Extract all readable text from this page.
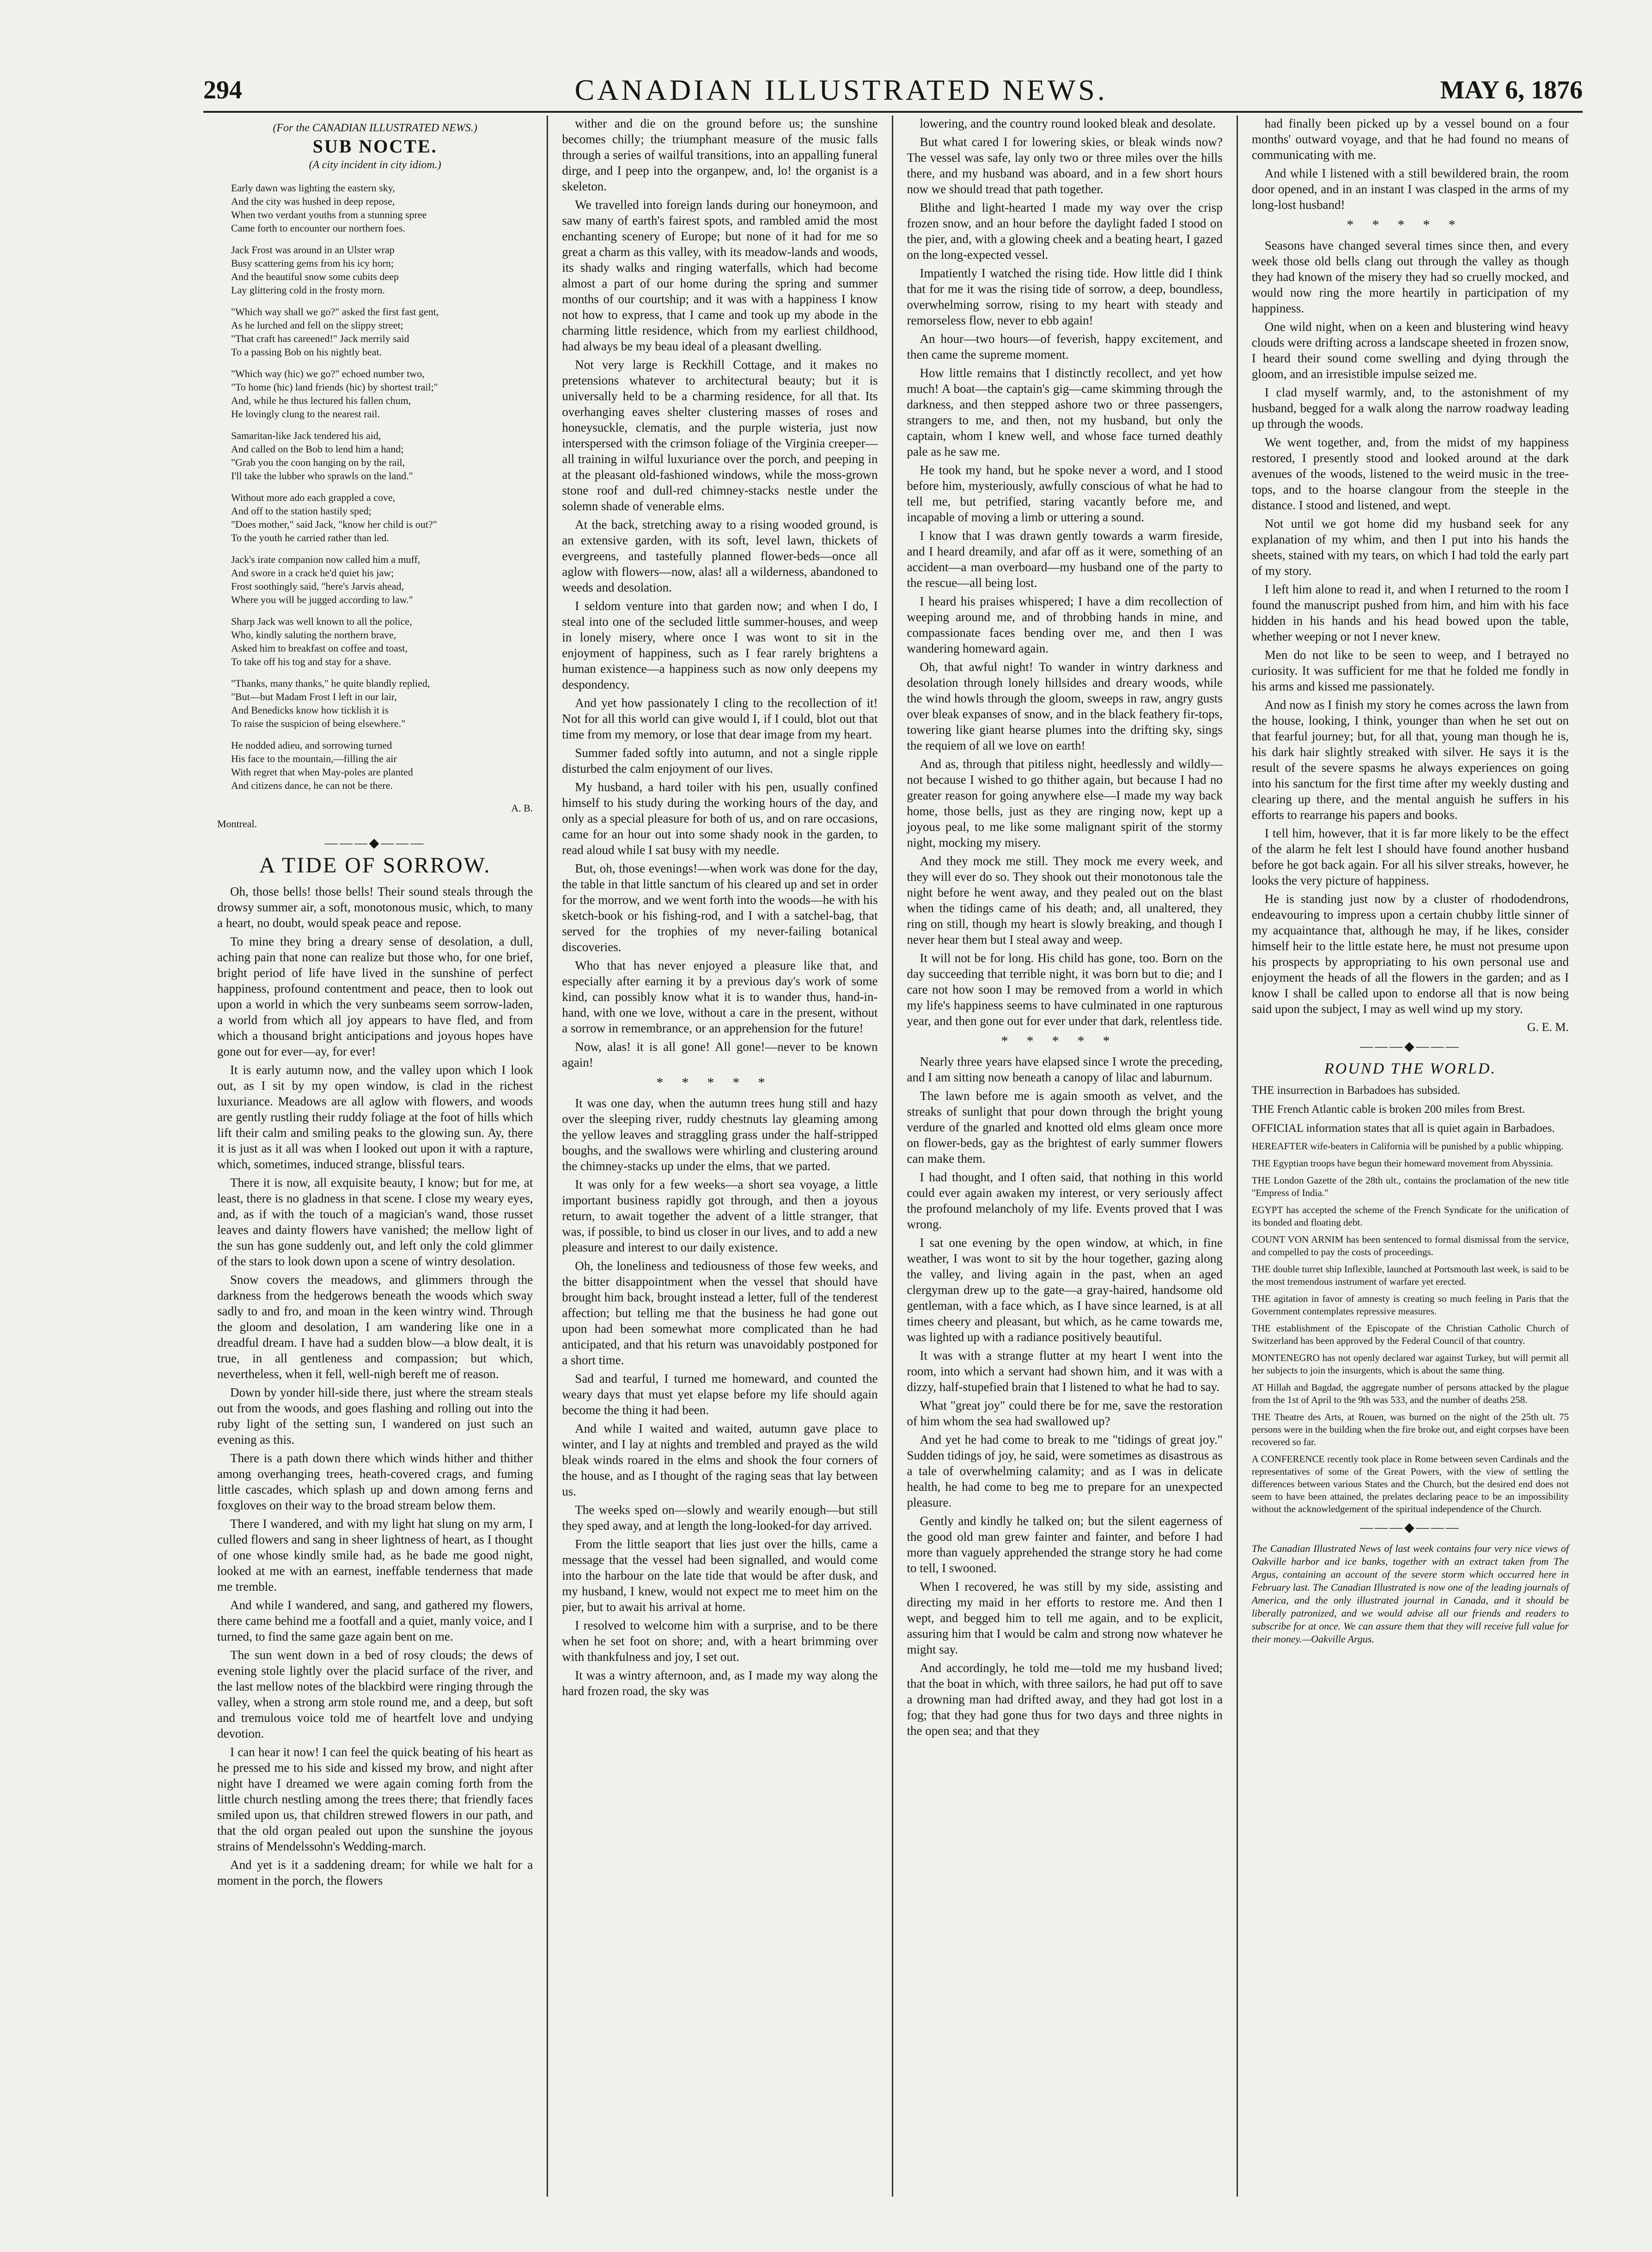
294	CANADIAN ILLUSTRATED NEWS.	MAY 6, 1876
(For the CANADIAN ILLUSTRATED NEWS.)
SUB NOCTE.
(A city incident in city idiom.)
Early dawn was lighting the eastern sky,
And the city was hushed in deep repose,
When two verdant youths from a stunning spree
Came forth to encounter our northern foes.
Jack Frost was around in an Ulster wrap
Busy scattering gems from his icy horn;
And the beautiful snow some cubits deep
Lay glittering cold in the frosty morn.
"Which way shall we go?" asked the first fast gent,
As he lurched and fell on the slippy street;
"That craft has careened!" Jack merrily said
To a passing Bob on his nightly beat.
"Which way (hic) we go?" echoed number two,
"To home (hic) land friends (hic) by shortest trail;"
And, while he thus lectured his fallen chum,
He lovingly clung to the nearest rail.
Samaritan-like Jack tendered his aid,
And called on the Bob to lend him a hand;
"Grab you the coon hanging on by the rail,
I'll take the lubber who sprawls on the land."
Without more ado each grappled a cove,
And off to the station hastily sped;
"Does mother," said Jack, "know her child is out?"
To the youth he carried rather than led.
Jack's irate companion now called him a muff,
And swore in a crack he'd quiet his jaw;
Frost soothingly said, "here's Jarvis ahead,
Where you will be jugged according to law."
Sharp Jack was well known to all the police,
Who, kindly saluting the northern brave,
Asked him to breakfast on coffee and toast,
To take off his tog and stay for a shave.
"Thanks, many thanks," he quite blandly replied,
"But—but Madam Frost I left in our lair,
And Benedicks know how ticklish it is
To raise the suspicion of being elsewhere."
He nodded adieu, and sorrowing turned
His face to the mountain,—filling the air
With regret that when May-poles are planted
And citizens dance, he can not be there.
A. B.
Montreal.
———◆———
A TIDE OF SORROW.

Oh, those bells! those bells! Their sound steals through the drowsy summer air, a soft, monotonous music, which, to many a heart, no doubt, would speak peace and repose.

To mine they bring a dreary sense of desolation, a dull, aching pain that none can realize but those who, for one brief, bright period of life have lived in the sunshine of perfect happiness, profound contentment and peace, then to look out upon a world in which the very sunbeams seem sorrow-laden, a world from which all joy appears to have fled, and from which a thousand bright anticipations and joyous hopes have gone out for ever—ay, for ever!

It is early autumn now, and the valley upon which I look out, as I sit by my open window, is clad in the richest luxuriance. Meadows are all aglow with flowers, and woods are gently rustling their ruddy foliage at the foot of hills which lift their calm and smiling peaks to the glowing sun. Ay, there it is just as it all was when I looked out upon it with a rapture, which, sometimes, induced strange, blissful tears.

There it is now, all exquisite beauty, I know; but for me, at least, there is no gladness in that scene. I close my weary eyes, and, as if with the touch of a magician's wand, those russet leaves and dainty flowers have vanished; the mellow light of the sun has gone suddenly out, and left only the cold glimmer of the stars to look down upon a scene of wintry desolation.

Snow covers the meadows, and glimmers through the darkness from the hedgerows beneath the woods which sway sadly to and fro, and moan in the keen wintry wind. Through the gloom and desolation, I am wandering like one in a dreadful dream. I have had a sudden blow—a blow dealt, it is true, in all gentleness and compassion; but which, nevertheless, when it fell, well-nigh bereft me of reason.

Down by yonder hill-side there, just where the stream steals out from the woods, and goes flashing and rolling out into the ruby light of the setting sun, I wandered on just such an evening as this.

There is a path down there which winds hither and thither among overhanging trees, heath-covered crags, and fuming little cascades, which splash up and down among ferns and foxgloves on their way to the broad stream below them.

There I wandered, and with my light hat slung on my arm, I culled flowers and sang in sheer lightness of heart, as I thought of one whose kindly smile had, as he bade me good night, looked at me with an earnest, ineffable tenderness that made me tremble.

And while I wandered, and sang, and gathered my flowers, there came behind me a footfall and a quiet, manly voice, and I turned, to find the same gaze again bent on me.

The sun went down in a bed of rosy clouds; the dews of evening stole lightly over the placid surface of the river, and the last mellow notes of the blackbird were ringing through the valley, when a strong arm stole round me, and a deep, but soft and tremulous voice told me of heartfelt love and undying devotion.

I can hear it now! I can feel the quick beating of his heart as he pressed me to his side and kissed my brow, and night after night have I dreamed we were again coming forth from the little church nestling among the trees there; that friendly faces smiled upon us, that children strewed flowers in our path, and that the old organ pealed out upon the sunshine the joyous strains of Mendelssohn's Wedding-march.

And yet is it a saddening dream; for while we halt for a moment in the porch, the flowers

wither and die on the ground before us; the sunshine becomes chilly; the triumphant measure of the music falls through a series of wailful transitions, into an appalling funeral dirge, and I peep into the organpew, and, lo! the organist is a skeleton.

We travelled into foreign lands during our honeymoon, and saw many of earth's fairest spots, and rambled amid the most enchanting scenery of Europe; but none of it had for me so great a charm as this valley, with its meadow-lands and woods, its shady walks and ringing waterfalls, which had become almost a part of our home during the spring and summer months of our courtship; and it was with a happiness I know not how to express, that I came and took up my abode in the charming little residence, which from my earliest childhood, had always be my beau ideal of a pleasant dwelling.

Not very large is Reckhill Cottage, and it makes no pretensions whatever to architectural beauty; but it is universally held to be a charming residence, for all that. Its overhanging eaves shelter clustering masses of roses and honeysuckle, clematis, and the purple wisteria, just now interspersed with the crimson foliage of the Virginia creeper—all training in wilful luxuriance over the porch, and peeping in at the pleasant old-fashioned windows, while the moss-grown stone roof and dull-red chimney-stacks nestle under the solemn shade of venerable elms.

At the back, stretching away to a rising wooded ground, is an extensive garden, with its soft, level lawn, thickets of evergreens, and tastefully planned flower-beds—once all aglow with flowers—now, alas! all a wilderness, abandoned to weeds and desolation.

I seldom venture into that garden now; and when I do, I steal into one of the secluded little summer-houses, and weep in lonely misery, where once I was wont to sit in the enjoyment of happiness, such as I fear rarely brightens a human existence—a happiness such as now only deepens my despondency.

And yet how passionately I cling to the recollection of it! Not for all this world can give would I, if I could, blot out that time from my memory, or lose that dear image from my heart.

Summer faded softly into autumn, and not a single ripple disturbed the calm enjoyment of our lives.

My husband, a hard toiler with his pen, usually confined himself to his study during the working hours of the day, and only as a special pleasure for both of us, and on rare occasions, came for an hour out into some shady nook in the garden, to read aloud while I sat busy with my needle.

But, oh, those evenings!—when work was done for the day, the table in that little sanctum of his cleared up and set in order for the morrow, and we went forth into the woods—he with his sketch-book or his fishing-rod, and I with a satchel-bag, that served for the trophies of my never-failing botanical discoveries.

Who that has never enjoyed a pleasure like that, and especially after earning it by a previous day's work of some kind, can possibly know what it is to wander thus, hand-in-hand, with one we love, without a care in the present, without a sorrow in remembrance, or an apprehension for the future!

Now, alas! it is all gone! All gone!—never to be known again!

*****

It was one day, when the autumn trees hung still and hazy over the sleeping river, ruddy chestnuts lay gleaming among the yellow leaves and straggling grass under the half-stripped boughs, and the swallows were whirling and clustering around the chimney-stacks up under the elms, that we parted.

It was only for a few weeks—a short sea voyage, a little important business rapidly got through, and then a joyous return, to await together the advent of a little stranger, that was, if possible, to bind us closer in our lives, and to add a new pleasure and interest to our daily existence.

Oh, the loneliness and tediousness of those few weeks, and the bitter disappointment when the vessel that should have brought him back, brought instead a letter, full of the tenderest affection; but telling me that the business he had gone out upon had been somewhat more complicated than he had anticipated, and that his return was unavoidably postponed for a short time.

Sad and tearful, I turned me homeward, and counted the weary days that must yet elapse before my life should again become the thing it had been.

And while I waited and waited, autumn gave place to winter, and I lay at nights and trembled and prayed as the wild bleak winds roared in the elms and shook the four corners of the house, and as I thought of the raging seas that lay between us.

The weeks sped on—slowly and wearily enough—but still they sped away, and at length the long-looked-for day arrived.

From the little seaport that lies just over the hills, came a message that the vessel had been signalled, and would come into the harbour on the late tide that would be after dusk, and my husband, I knew, would not expect me to meet him on the pier, but to await his arrival at home.

I resolved to welcome him with a surprise, and to be there when he set foot on shore; and, with a heart brimming over with thankfulness and joy, I set out.

It was a wintry afternoon, and, as I made my way along the hard frozen road, the sky was

lowering, and the country round looked bleak and desolate.

But what cared I for lowering skies, or bleak winds now? The vessel was safe, lay only two or three miles over the hills there, and my husband was aboard, and in a few short hours now we should tread that path together.

Blithe and light-hearted I made my way over the crisp frozen snow, and an hour before the daylight faded I stood on the pier, and, with a glowing cheek and a beating heart, I gazed on the long-expected vessel.

Impatiently I watched the rising tide. How little did I think that for me it was the rising tide of sorrow, a deep, boundless, overwhelming sorrow, rising to my heart with steady and remorseless flow, never to ebb again!

An hour—two hours—of feverish, happy excitement, and then came the supreme moment.

How little remains that I distinctly recollect, and yet how much! A boat—the captain's gig—came skimming through the darkness, and then stepped ashore two or three passengers, strangers to me, and then, not my husband, but only the captain, whom I knew well, and whose face turned deathly pale as he saw me.

He took my hand, but he spoke never a word, and I stood before him, mysteriously, awfully conscious of what he had to tell me, but petrified, staring vacantly before me, and incapable of moving a limb or uttering a sound.

I know that I was drawn gently towards a warm fireside, and I heard dreamily, and afar off as it were, something of an accident—a man overboard—my husband one of the party to the rescue—all being lost.

I heard his praises whispered; I have a dim recollection of weeping around me, and of throbbing hands in mine, and compassionate faces bending over me, and then I was wandering homeward again.

Oh, that awful night! To wander in wintry darkness and desolation through lonely hillsides and dreary woods, while the wind howls through the gloom, sweeps in raw, angry gusts over bleak expanses of snow, and in the black feathery fir-tops, towering like giant hearse plumes into the drifting sky, sings the requiem of all we love on earth!

And as, through that pitiless night, heedlessly and wildly—not because I wished to go thither again, but because I had no greater reason for going anywhere else—I made my way back home, those bells, just as they are ringing now, kept up a joyous peal, to me like some malignant spirit of the stormy night, mocking my misery.

And they mock me still. They mock me every week, and they will ever do so. They shook out their monotonous tale the night before he went away, and they pealed out on the blast when the tidings came of his death; and, all unaltered, they ring on still, though my heart is slowly breaking, and though I never hear them but I steal away and weep.

It will not be for long. His child has gone, too. Born on the day succeeding that terrible night, it was born but to die; and I care not how soon I may be removed from a world in which my life's happiness seems to have culminated in one rapturous year, and then gone out for ever under that dark, relentless tide.

*****

Nearly three years have elapsed since I wrote the preceding, and I am sitting now beneath a canopy of lilac and laburnum.

The lawn before me is again smooth as velvet, and the streaks of sunlight that pour down through the bright young verdure of the gnarled and knotted old elms gleam once more on flower-beds, gay as the brightest of early summer flowers can make them.

I had thought, and I often said, that nothing in this world could ever again awaken my interest, or very seriously affect the profound melancholy of my life. Events proved that I was wrong.

I sat one evening by the open window, at which, in fine weather, I was wont to sit by the hour together, gazing along the valley, and living again in the past, when an aged clergyman drew up to the gate—a gray-haired, handsome old gentleman, with a face which, as I have since learned, is at all times cheery and pleasant, but which, as he came towards me, was lighted up with a radiance positively beautiful.

It was with a strange flutter at my heart I went into the room, into which a servant had shown him, and it was with a dizzy, half-stupefied brain that I listened to what he had to say.

What "great joy" could there be for me, save the restoration of him whom the sea had swallowed up?

And yet he had come to break to me "tidings of great joy." Sudden tidings of joy, he said, were sometimes as disastrous as a tale of overwhelming calamity; and as I was in delicate health, he had come to beg me to prepare for an unexpected pleasure.

Gently and kindly he talked on; but the silent eagerness of the good old man grew fainter and fainter, and before I had more than vaguely apprehended the strange story he had come to tell, I swooned.

When I recovered, he was still by my side, assisting and directing my maid in her efforts to restore me. And then I wept, and begged him to tell me again, and to be explicit, assuring him that I would be calm and strong now whatever he might say.

And accordingly, he told me—told me my husband lived; that the boat in which, with three sailors, he had put off to save a drowning man had drifted away, and they had got lost in a fog; that they had gone thus for two days and three nights in the open sea; and that they

had finally been picked up by a vessel bound on a four months' outward voyage, and that he had found no means of communicating with me.

And while I listened with a still bewildered brain, the room door opened, and in an instant I was clasped in the arms of my long-lost husband!

*****

Seasons have changed several times since then, and every week those old bells clang out through the valley as though they had known of the misery they had so cruelly mocked, and would now ring the more heartily in participation of my happiness.

One wild night, when on a keen and blustering wind heavy clouds were drifting across a landscape sheeted in frozen snow, I heard their sound come swelling and dying through the gloom, and an irresistible impulse seized me.

I clad myself warmly, and, to the astonishment of my husband, begged for a walk along the narrow roadway leading up through the woods.

We went together, and, from the midst of my happiness restored, I presently stood and looked around at the dark avenues of the woods, listened to the weird music in the tree-tops, and to the hoarse clangour from the steeple in the distance. I stood and listened, and wept.

Not until we got home did my husband seek for any explanation of my whim, and then I put into his hands the sheets, stained with my tears, on which I had told the early part of my story.

I left him alone to read it, and when I returned to the room I found the manuscript pushed from him, and him with his face hidden in his hands and his head bowed upon the table, whether weeping or not I never knew.

Men do not like to be seen to weep, and I betrayed no curiosity. It was sufficient for me that he folded me fondly in his arms and kissed me passionately.

And now as I finish my story he comes across the lawn from the house, looking, I think, younger than when he set out on that fearful journey; but, for all that, young man though he is, his dark hair slightly streaked with silver. He says it is the result of the severe spasms he always experiences on going into his sanctum for the first time after my weekly dusting and clearing up there, and the mental anguish he suffers in his efforts to rearrange his papers and books.

I tell him, however, that it is far more likely to be the effect of the alarm he felt lest I should have found another husband before he got back again. For all his silver streaks, however, he looks the very picture of happiness.

He is standing just now by a cluster of rhododendrons, endeavouring to impress upon a certain chubby little sinner of my acquaintance that, although he may, if he likes, consider himself heir to the little estate here, he must not presume upon his prospects by appropriating to his own personal use and enjoyment the heads of all the flowers in the garden; and as I know I shall be called upon to endorse all that is now being said upon the subject, I may as well wind up my story.

G. E. M.
———◆———
ROUND THE WORLD.

THE insurrection in Barbadoes has subsided.

THE French Atlantic cable is broken 200 miles from Brest.

OFFICIAL information states that all is quiet again in Barbadoes.

HEREAFTER wife-beaters in California will be punished by a public whipping.

THE Egyptian troops have begun their homeward movement from Abyssinia.

THE London Gazette of the 28th ult., contains the proclamation of the new title "Empress of India."

EGYPT has accepted the scheme of the French Syndicate for the unification of its bonded and floating debt.

COUNT VON ARNIM has been sentenced to formal dismissal from the service, and compelled to pay the costs of proceedings.

THE double turret ship Inflexible, launched at Portsmouth last week, is said to be the most tremendous instrument of warfare yet erected.

THE agitation in favor of amnesty is creating so much feeling in Paris that the Government contemplates repressive measures.

THE establishment of the Episcopate of the Christian Catholic Church of Switzerland has been approved by the Federal Council of that country.

MONTENEGRO has not openly declared war against Turkey, but will permit all her subjects to join the insurgents, which is about the same thing.

AT Hillah and Bagdad, the aggregate number of persons attacked by the plague from the 1st of April to the 9th was 533, and the number of deaths 258.

THE Theatre des Arts, at Rouen, was burned on the night of the 25th ult. 75 persons were in the building when the fire broke out, and eight corpses have been recovered so far.

A CONFERENCE recently took place in Rome between seven Cardinals and the representatives of some of the Great Powers, with the view of settling the differences between various States and the Church, but the desired end does not seem to have been attained, the prelates declaring peace to be an impossibility without the acknowledgement of the spiritual independence of the Church.

———◆———
The Canadian Illustrated News of last week contains four very nice views of Oakville harbor and ice banks, together with an extract taken from The Argus, containing an account of the severe storm which occurred here in February last. The Canadian Illustrated is now one of the leading journals of America, and the only illustrated journal in Canada, and it should be liberally patronized, and we would advise all our friends and readers to subscribe for at once. We can assure them that they will receive full value for their money.—Oakville Argus.
